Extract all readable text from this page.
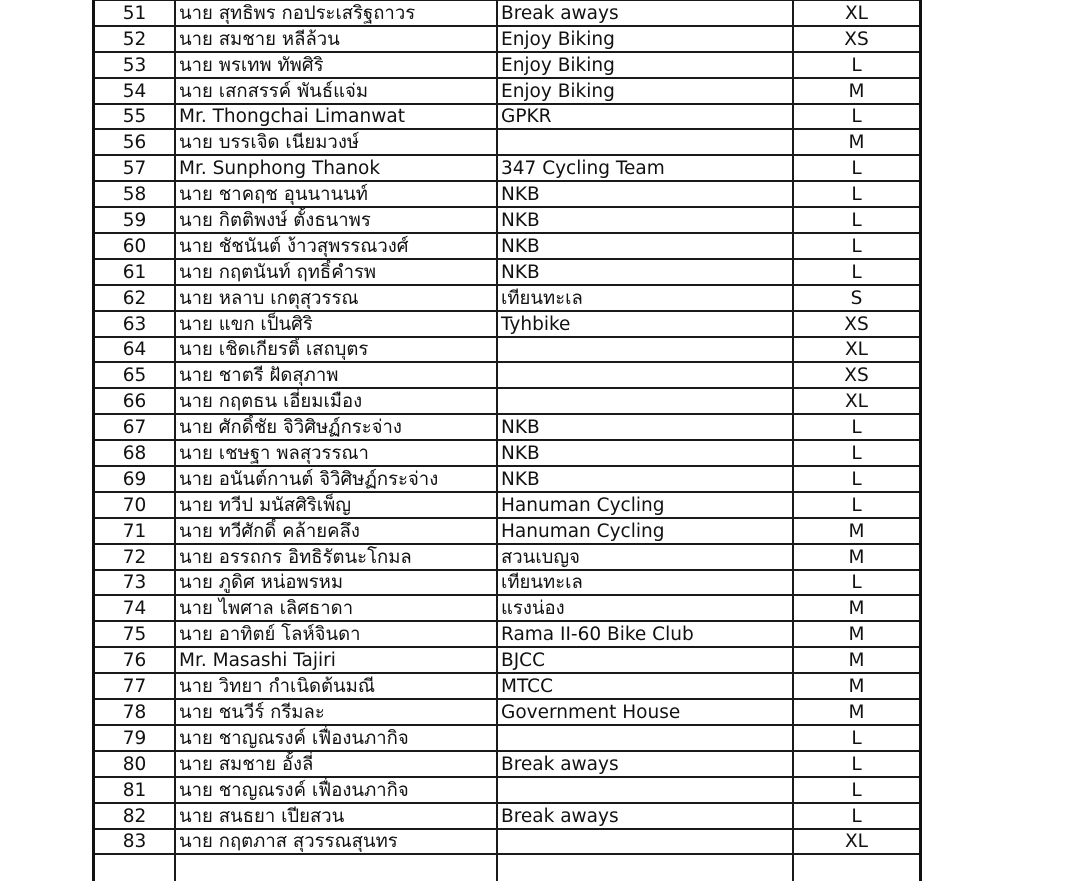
51	นาย สุทธิพร กอประเสริฐถาวร	Break aways	XL
52	นาย สมชาย หลีล้วน	Enjoy Biking	XS
53	นาย พรเทพ ทัพศิริ	Enjoy Biking	L
54	นาย เสกสรรค์ พันธ์แจ่ม	Enjoy Biking	M
55	Mr. Thongchai Limanwat	GPKR	L
56	นาย บรรเจิด เนียมวงษ์		M
57	Mr. Sunphong Thanok	347 Cycling Team	L
58	นาย ชาคฤช อุนนานนท์	NKB	L
59	นาย กิตติพงษ์ ตั้งธนาพร	NKB	L
60	นาย ชัชนันต์ ง้าวสุพรรณวงศ์	NKB	L
61	นาย กฤตนันท์ ฤทธิ์คำรพ	NKB	L
62	นาย หลาบ เกตุสุวรรณ	เทียนทะเล	S
63	นาย แขก เป็นศิริ	Tyhbike	XS
64	นาย เชิดเกียรติ์ เสถบุตร		XL
65	นาย ชาตรี ฝัดสุภาพ		XS
66	นาย กฤตธน เอี่ยมเมือง		XL
67	นาย ศักดิ์ชัย จิวิศิษฏ์กระจ่าง	NKB	L
68	นาย เชษฐา พลสุวรรณา	NKB	L
69	นาย อนันต์กานต์ จิวิศิษฏ์กระจ่าง	NKB	L
70	นาย ทวีป มนัสศิริเพ็ญ	Hanuman Cycling	L
71	นาย ทวีศักดิ์ คล้ายคลึง	Hanuman Cycling	M
72	นาย อรรถกร อิทธิรัตนะโกมล	สวนเบญจ	M
73	นาย ภูดิศ หน่อพรหม	เทียนทะเล	L
74	นาย ไพศาล เลิศธาดา	แรงน่อง	M
75	นาย อาทิตย์ โลห์จินดา	Rama II-60 Bike Club	M
76	Mr. Masashi Tajiri	BJCC	M
77	นาย วิทยา กำเนิดต้นมณี	MTCC	M
78	นาย ชนวีร์ กรีมละ	Government House	M
79	นาย ชาญณรงค์ เฟื่องนภากิจ		L
80	นาย สมชาย อั้งลี่	Break aways	L
81	นาย ชาญณรงค์ เฟื่องนภากิจ		L
82	นาย สนธยา เปียสวน	Break aways	L
83	นาย กฤตภาส สุวรรณสุนทร		XL
